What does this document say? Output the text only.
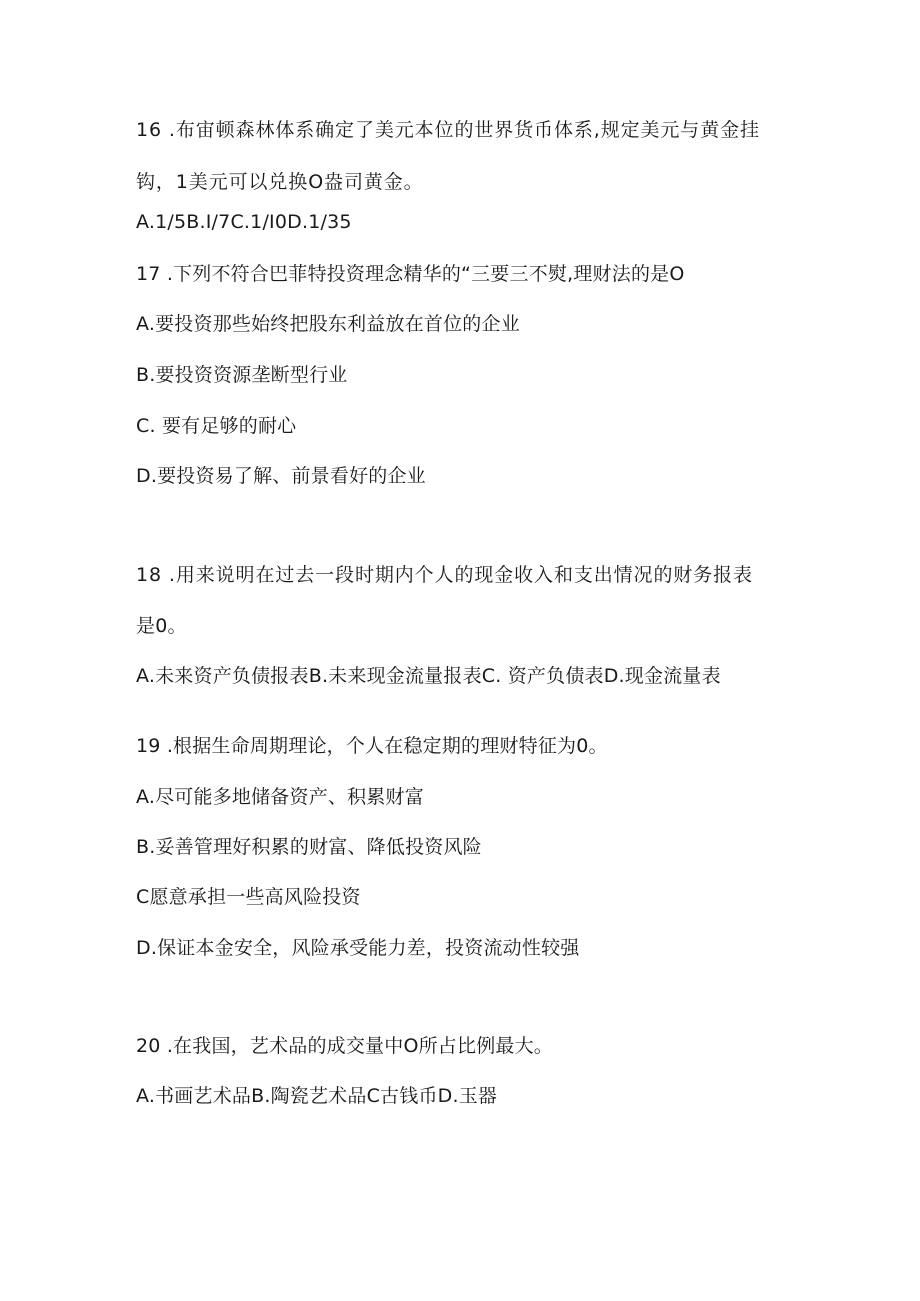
16 .布宙顿森林体系确定了美元本位的世界货币体系,规定美元与黄金挂
钩，1美元可以兑换O盎司黄金。
A.1/5B.I/7C.1/I0D.1/35
17 .下列不符合巴菲特投资理念精华的“三要三不熨,理财法的是O
A.要投资那些始终把股东利益放在首位的企业
B.要投资资源垄断型行业
C. 要有足够的耐心
D.要投资易了解、前景看好的企业
18 .用来说明在过去一段时期内个人的现金收入和支出情况的财务报表
是0。
A.未来资产负债报表B.未来现金流量报表C. 资产负债表D.现金流量表
19 .根据生命周期理论，个人在稳定期的理财特征为0。
A.尽可能多地储备资产、积累财富
B.妥善管理好积累的财富、降低投资风险
C愿意承担一些高风险投资
D.保证本金安全，风险承受能力差，投资流动性较强
20 .在我国，艺术品的成交量中O所占比例最大。
A.书画艺术品B.陶瓷艺术品C古钱币D.玉器
